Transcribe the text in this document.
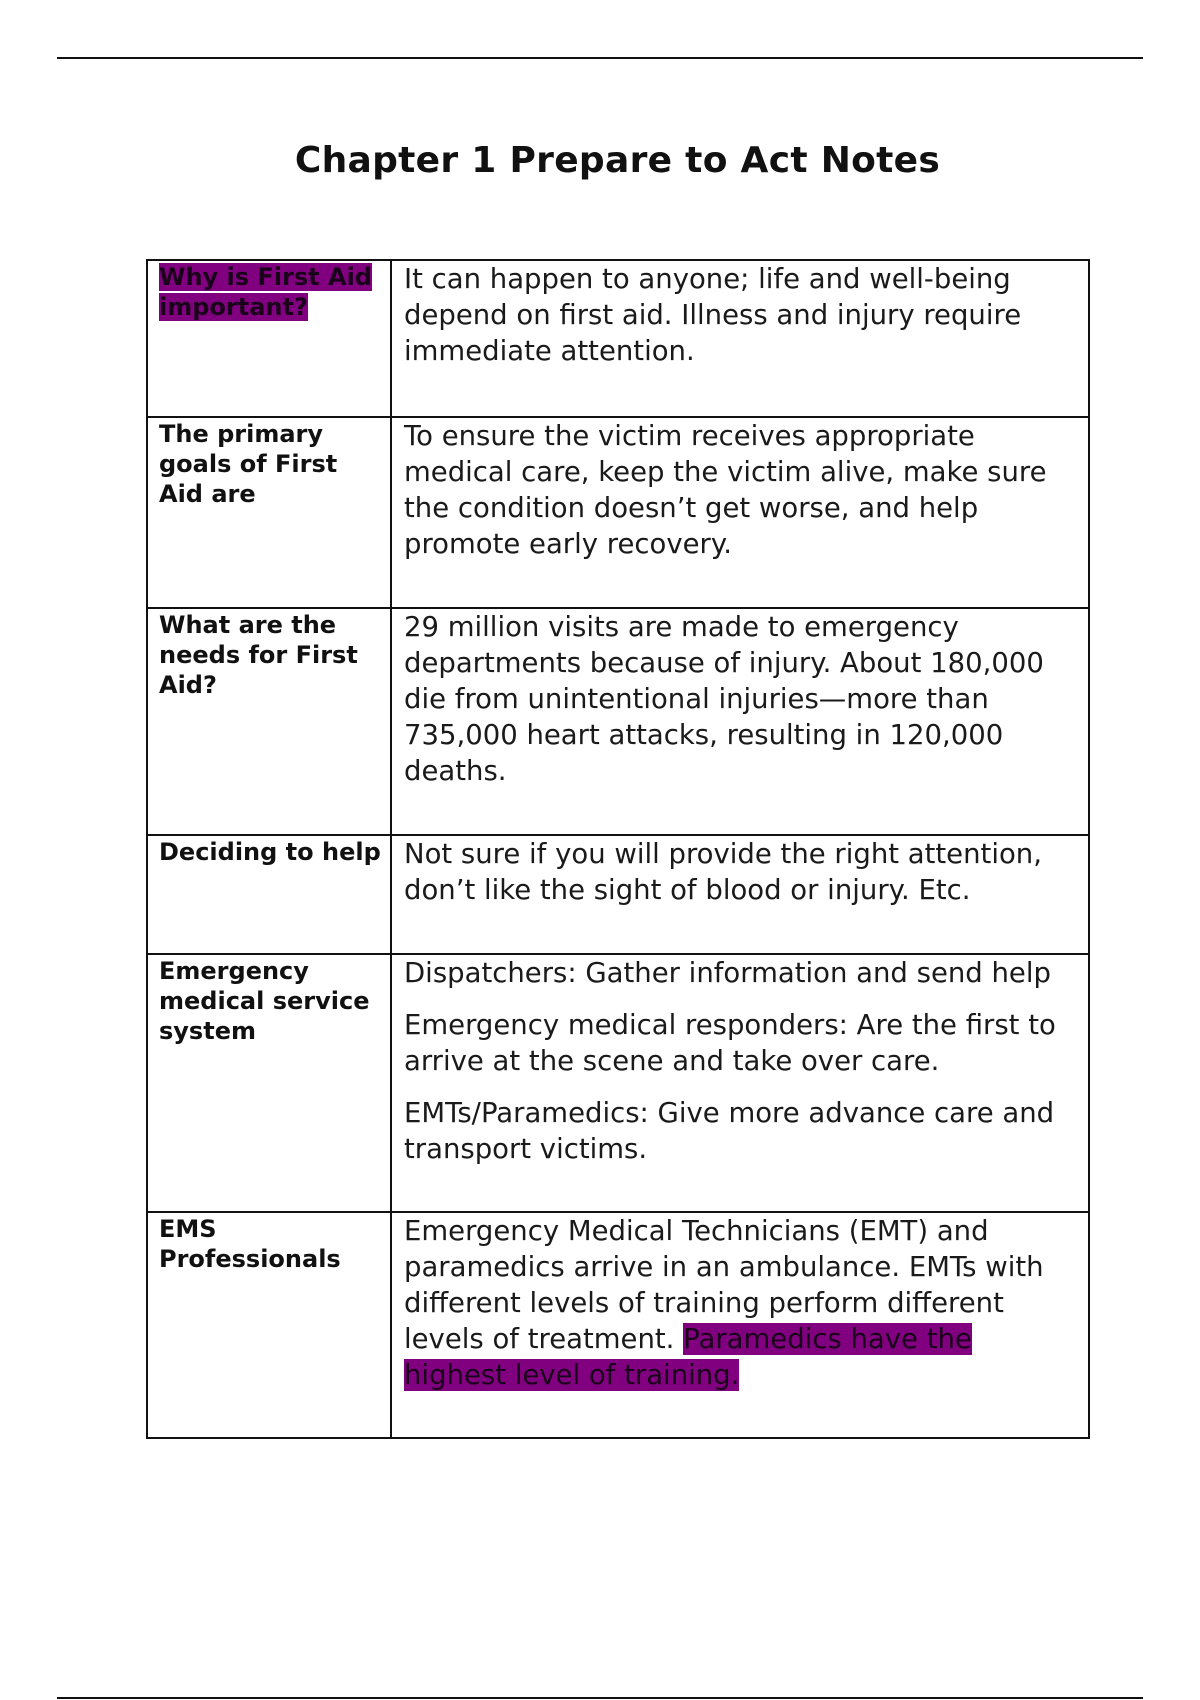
Chapter 1 Prepare to Act Notes
Why is First Aid important?	It can happen to anyone; life and well-being depend on first aid. Illness and injury require immediate attention.

The primary goals of First Aid are	To ensure the victim receives appropriate medical care, keep the victim alive, make sure the condition doesn’t get worse, and help promote early recovery.

What are the needs for First Aid?	29 million visits are made to emergency departments because of injury. About 180,000 die from unintentional injuries—more than 735,000 heart attacks, resulting in 120,000 deaths.

Deciding to help	Not sure if you will provide the right attention, don’t like the sight of blood or injury. Etc.

Emergency medical service system	Dispatchers: Gather information and send help
Emergency medical responders: Are the first to arrive at the scene and take over care.
EMTs/Paramedics: Give more advance care and transport victims.

EMS Professionals	Emergency Medical Technicians (EMT) and paramedics arrive in an ambulance. EMTs with different levels of training perform different levels of treatment. Paramedics have the highest level of training.
